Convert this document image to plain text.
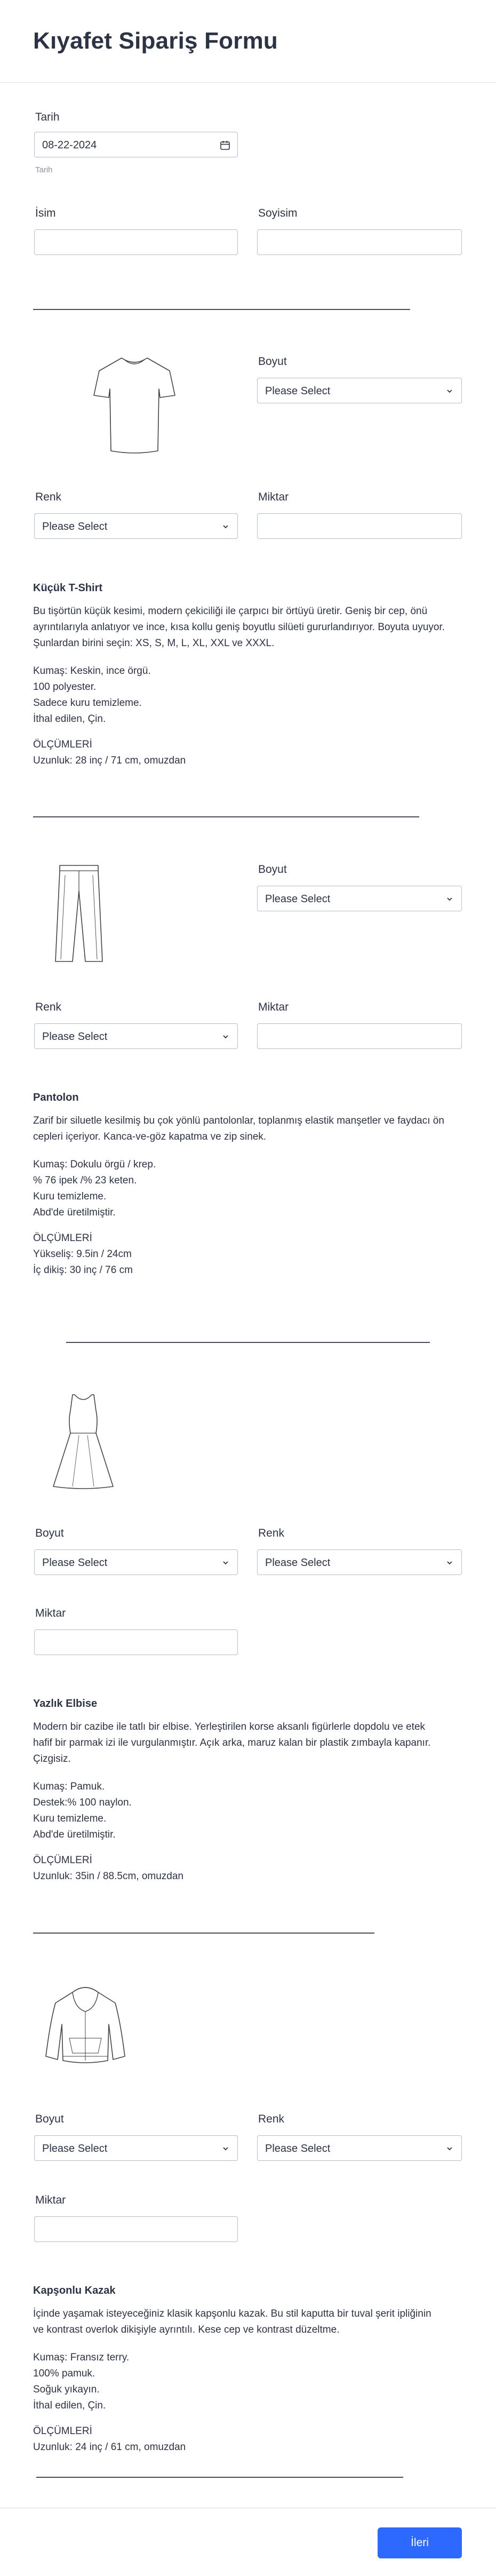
Kıyafet Sipariş Formu
Tarih
08-22-2024
Tarih
İsim	Soyisim
Boyut
Please Select
Renk
Please Select
Miktar
Küçük T-Shirt
Bu tişörtün küçük kesimi, modern çekiciliği ile çarpıcı bir örtüyü üretir. Geniş bir cep, önü
ayrıntılarıyla anlatıyor ve ince, kısa kollu geniş boyutlu silüeti gururlandırıyor. Boyuta uyuyor.
Şunlardan birini seçin: XS, S, M, L, XL, XXL ve XXXL.
Kumaş: Keskin, ince örgü.
100 polyester.
Sadece kuru temizleme.
İthal edilen, Çin.
ÖLÇÜMLERİ
Uzunluk: 28 inç / 71 cm, omuzdan
Boyut
Please Select
Renk
Please Select
Miktar
Pantolon
Zarif bir siluetle kesilmiş bu çok yönlü pantolonlar, toplanmış elastik manşetler ve faydacı ön
cepleri içeriyor. Kanca-ve-göz kapatma ve zip sinek.
Kumaş: Dokulu örgü / krep.
% 76 ipek /% 23 keten.
Kuru temizleme.
Abd'de üretilmiştir.
ÖLÇÜMLERİ
Yükseliş: 9.5in / 24cm
İç dikiş: 30 inç / 76 cm
Boyut
Please Select
Renk
Please Select
Miktar
Yazlık Elbise
Modern bir cazibe ile tatlı bir elbise. Yerleştirilen korse aksanlı figürlerle dopdolu ve etek
hafif bir parmak izi ile vurgulanmıştır. Açık arka, maruz kalan bir plastik zımbayla kapanır.
Çizgisiz.
Kumaş: Pamuk.
Destek:% 100 naylon.
Kuru temizleme.
Abd'de üretilmiştir.
ÖLÇÜMLERİ
Uzunluk: 35in / 88.5cm, omuzdan
Boyut
Please Select
Renk
Please Select
Miktar
Kapşonlu Kazak
İçinde yaşamak isteyeceğiniz klasik kapşonlu kazak. Bu stil kaputta bir tuval şerit ipliğinin
ve kontrast overlok dikişiyle ayrıntılı. Kese cep ve kontrast düzeltme.
Kumaş: Fransız terry.
100% pamuk.
Soğuk yıkayın.
İthal edilen, Çin.
ÖLÇÜMLERİ
Uzunluk: 24 inç / 61 cm, omuzdan
İleri
